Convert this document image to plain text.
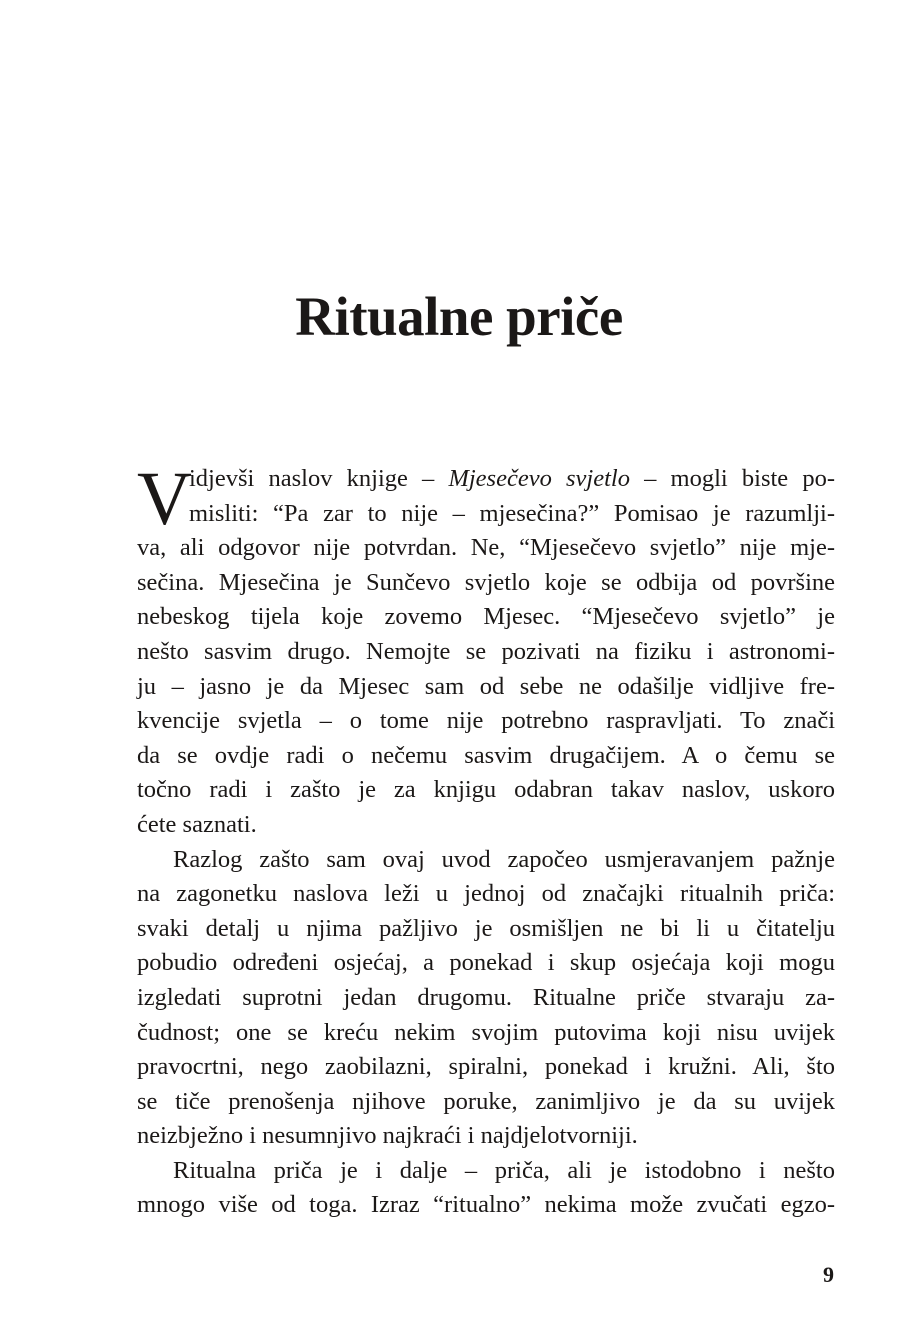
Ritualne priče
V
idjevši naslov knjige – Mjesečevo svjetlo – mogli biste po-
misliti: “Pa zar to nije – mjesečina?” Pomisao je razumlji-
va, ali odgovor nije potvrdan. Ne, “Mjesečevo svjetlo” nije mje-
sečina. Mjesečina je Sunčevo svjetlo koje se odbija od površine
nebeskog tijela koje zovemo Mjesec. “Mjesečevo svjetlo” je
nešto sasvim drugo. Nemojte se pozivati na fiziku i astronomi-
ju – jasno je da Mjesec sam od sebe ne odašilje vidljive fre-
kvencije svjetla – o tome nije potrebno raspravljati. To znači
da se ovdje radi o nečemu sasvim drugačijem. A o čemu se
točno radi i zašto je za knjigu odabran takav naslov, uskoro
ćete saznati.
Razlog zašto sam ovaj uvod započeo usmjeravanjem pažnje
na zagonetku naslova leži u jednoj od značajki ritualnih priča:
svaki detalj u njima pažljivo je osmišljen ne bi li u čitatelju
pobudio određeni osjećaj, a ponekad i skup osjećaja koji mogu
izgledati suprotni jedan drugomu. Ritualne priče stvaraju za-
čudnost; one se kreću nekim svojim putovima koji nisu uvijek
pravocrtni, nego zaobilazni, spiralni, ponekad i kružni. Ali, što
se tiče prenošenja njihove poruke, zanimljivo je da su uvijek
neizbježno i nesumnjivo najkraći i najdjelotvorniji.
Ritualna priča je i dalje – priča, ali je istodobno i nešto
mnogo više od toga. Izraz “ritualno” nekima može zvučati egzo-
9
